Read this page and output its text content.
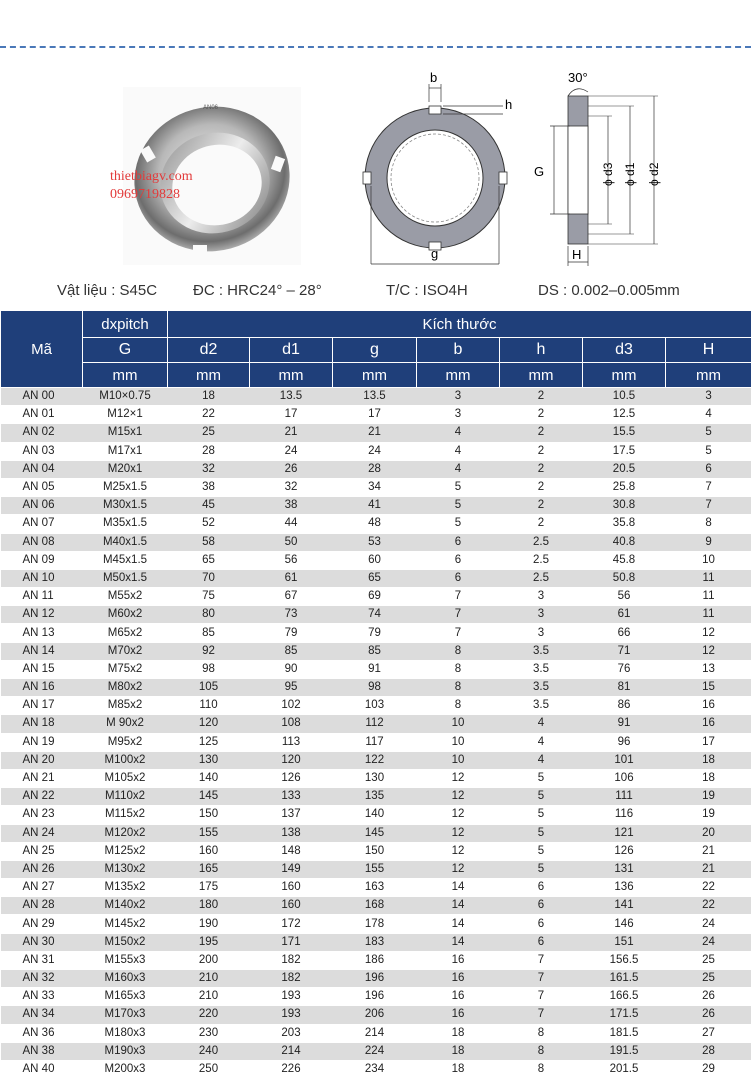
AN06
thietbiagv.com
0969719828
b
h
g
G
30°
ϕ d3 ϕ d1 ϕ d2
H
Vật liệu : S45C ĐC : HRC24° – 28°	T/C : ISO4H	DS : 0.002–0.005mm
Mã	dxpitch	Kích thước						
	G	d2	d1	g	b	h	d3	H
	mm	mm	mm	mm	mm	mm	mm	mm
AN 00	M10×0.75	18	13.5	13.5	3	2	10.5	3
AN 01	M12×1	22	17	17	3	2	12.5	4
AN 02	M15x1	25	21	21	4	2	15.5	5
AN 03	M17x1	28	24	24	4	2	17.5	5
AN 04	M20x1	32	26	28	4	2	20.5	6
AN 05	M25x1.5	38	32	34	5	2	25.8	7
AN 06	M30x1.5	45	38	41	5	2	30.8	7
AN 07	M35x1.5	52	44	48	5	2	35.8	8
AN 08	M40x1.5	58	50	53	6	2.5	40.8	9
AN 09	M45x1.5	65	56	60	6	2.5	45.8	10
AN 10	M50x1.5	70	61	65	6	2.5	50.8	11
AN 11	M55x2	75	67	69	7	3	56	11
AN 12	M60x2	80	73	74	7	3	61	11
AN 13	M65x2	85	79	79	7	3	66	12
AN 14	M70x2	92	85	85	8	3.5	71	12
AN 15	M75x2	98	90	91	8	3.5	76	13
AN 16	M80x2	105	95	98	8	3.5	81	15
AN 17	M85x2	110	102	103	8	3.5	86	16
AN 18	M 90x2	120	108	112	10	4	91	16
AN 19	M95x2	125	113	117	10	4	96	17
AN 20	M100x2	130	120	122	10	4	101	18
AN 21	M105x2	140	126	130	12	5	106	18
AN 22	M110x2	145	133	135	12	5	111	19
AN 23	M115x2	150	137	140	12	5	116	19
AN 24	M120x2	155	138	145	12	5	121	20
AN 25	M125x2	160	148	150	12	5	126	21
AN 26	M130x2	165	149	155	12	5	131	21
AN 27	M135x2	175	160	163	14	6	136	22
AN 28	M140x2	180	160	168	14	6	141	22
AN 29	M145x2	190	172	178	14	6	146	24
AN 30	M150x2	195	171	183	14	6	151	24
AN 31	M155x3	200	182	186	16	7	156.5	25
AN 32	M160x3	210	182	196	16	7	161.5	25
AN 33	M165x3	210	193	196	16	7	166.5	26
AN 34	M170x3	220	193	206	16	7	171.5	26
AN 36	M180x3	230	203	214	18	8	181.5	27
AN 38	M190x3	240	214	224	18	8	191.5	28
AN 40	M200x3	250	226	234	18	8	201.5	29
